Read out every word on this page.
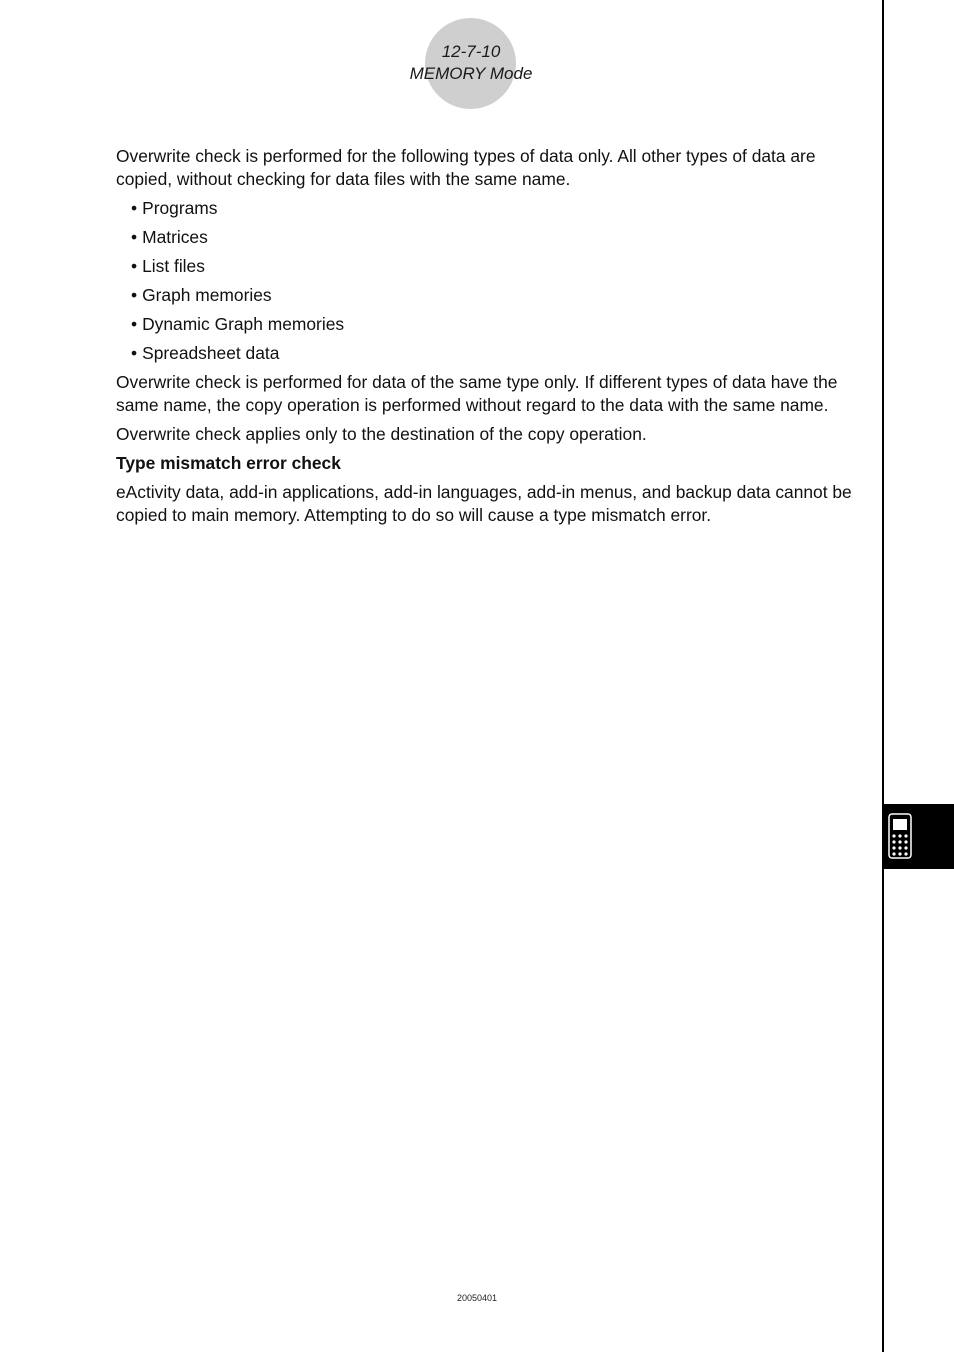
12-7-10
MEMORY Mode

Overwrite check is performed for the following types of data only. All other types of data are copied, without checking for data files with the same name.

• Programs
• Matrices
• List files
• Graph memories
• Dynamic Graph memories
• Spreadsheet data

Overwrite check is performed for data of the same type only. If different types of data have the same name, the copy operation is performed without regard to the data with the same name.

Overwrite check applies only to the destination of the copy operation.

Type mismatch error check

eActivity data, add-in applications, add-in languages, add-in menus, and backup data cannot be copied to main memory. Attempting to do so will cause a type mismatch error.

20050401
